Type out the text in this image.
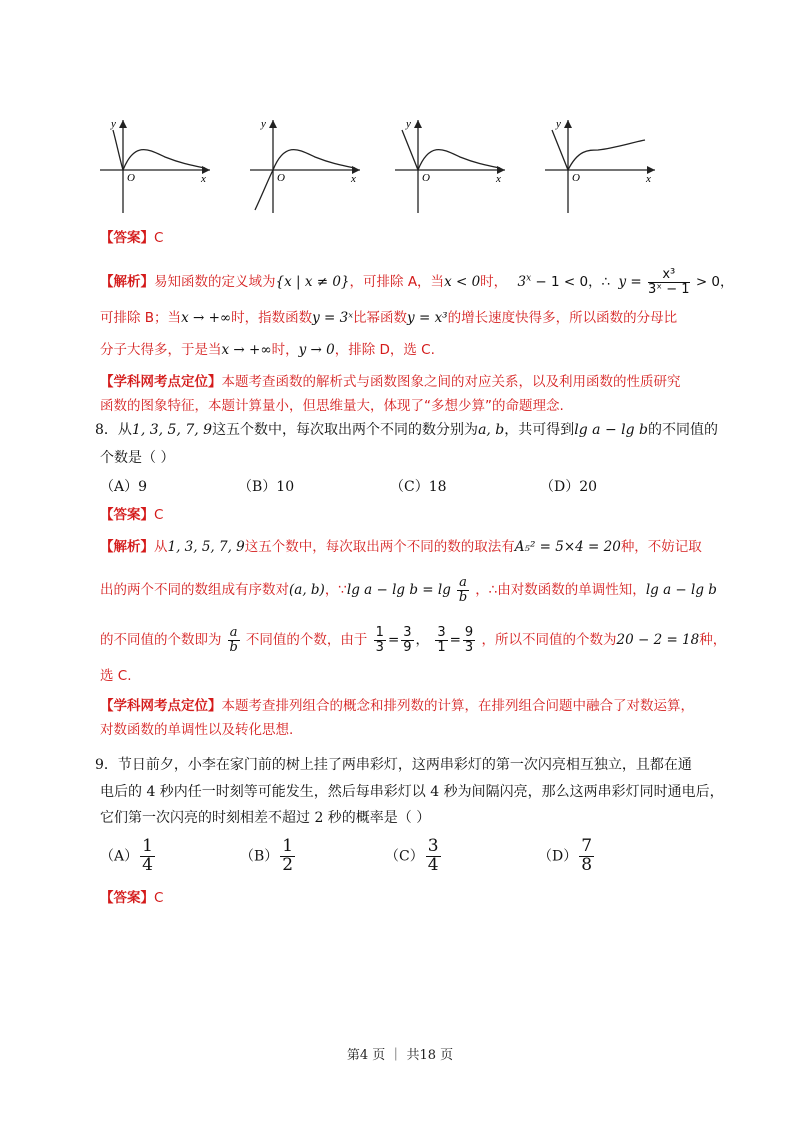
y
O	x
y
O	x
y
O	x
y
O	x
【答案】C
【解析】易知函数的定义域为{x | x ≠ 0}，可排除 A，当x < 0时， $3^x - 1 < 0$，∴ $y = \frac{\text{x³}}{\text{3ˣ − 1}} > 0$，
可排除 B；当x → +∞时，指数函数y = 3ˣ比幂函数y = x³的增长速度快得多，所以函数的分母比
分子大得多，于是当x → +∞时，y → 0，排除 D，选 C.
【学科网考点定位】本题考查函数的解析式与函数图象之间的对应关系，以及利用函数的性质研究
函数的图象特征，本题计算量小，但思维量大，体现了“多想少算”的命题理念.
8．从1, 3, 5, 7, 9这五个数中，每次取出两个不同的数分别为a, b，共可得到lg a − lg b的不同值的
个数是（ ）
（A）9	（B）10	（C）18	（D）20
【答案】C
【解析】从1, 3, 5, 7, 9这五个数中，每次取出两个不同的数的取法有A₅² = 5×4 = 20种，不妨记取
出的两个不同的数组成有序数对(a, b)，∵lg $a - \lg b = \lg \frac{a}{b}$ ，∴由对数函数的单调性知，lg a − lg b
的不同值的个数即为 $\frac{a}{b}$ 不同值的个数，由于 $\frac{1}{3} = \frac{3}{9}$ ， $\frac{3}{1} = \frac{9}{3}$ ，所以不同值的个数为20 − 2 = 18种，
选 C.
【学科网考点定位】本题考查排列组合的概念和排列数的计算，在排列组合问题中融合了对数运算，
对数函数的单调性以及转化思想.
9．节日前夕，小李在家门前的树上挂了两串彩灯，这两串彩灯的第一次闪亮相互独立，且都在通
电后的 4 秒内任一时刻等可能发生，然后每串彩灯以 4 秒为间隔闪亮，那么这两串彩灯同时通电后，
它们第一次闪亮的时刻相差不超过 2 秒的概率是（ ）
$(A) \frac{1}{4}$	$(B) \frac{1}{2}$	$(C) \frac{3}{4}$	$(D) \frac{7}{8}$
【答案】C
第4 页 ｜ 共18 页
